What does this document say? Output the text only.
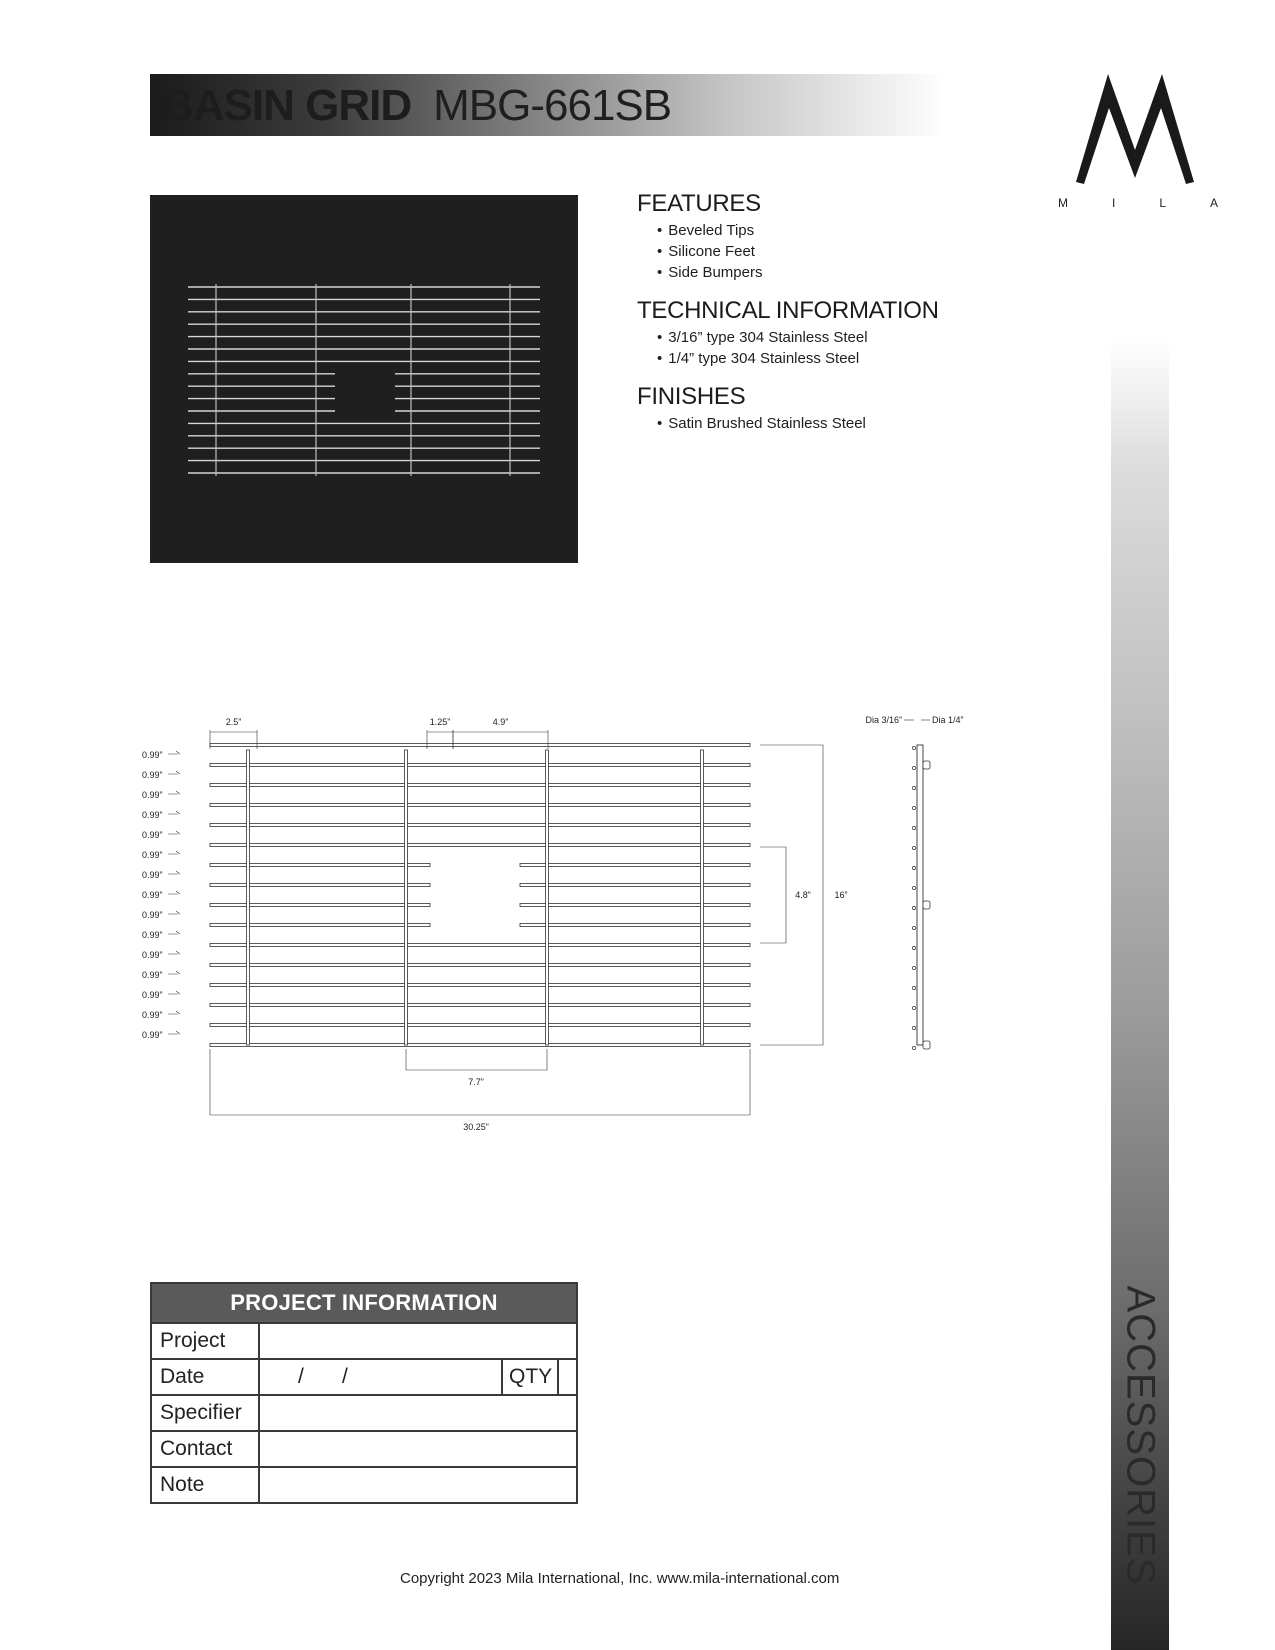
BASIN GRID MBG-661SB	M
M	I	L	A
ACCESSORIES
FEATURES
• Beveled Tips
• Silicone Feet
• Side Bumpers
TECHNICAL INFORMATION
• 3/16” type 304 Stainless Steel
• 1/4” type 304 Stainless Steel
FINISHES
• Satin Brushed Stainless Steel
0.99”
0.99”
0.99”
0.99”
0.99”
0.99”
0.99”
0.99”
0.99”
0.99”
0.99”
0.99”
0.99”
0.99”
0.99”
2.5”	1.25”	4.9”
4.8”	16”
7.7”
30.25”
Dia 3/16”	Dia 1/4”
PROJECT INFORMATION			
Project			
Date	/ /	QTY	
Specifier			
Contact			
Note			
Copyright 2023 Mila International, Inc. www.mila-international.com
